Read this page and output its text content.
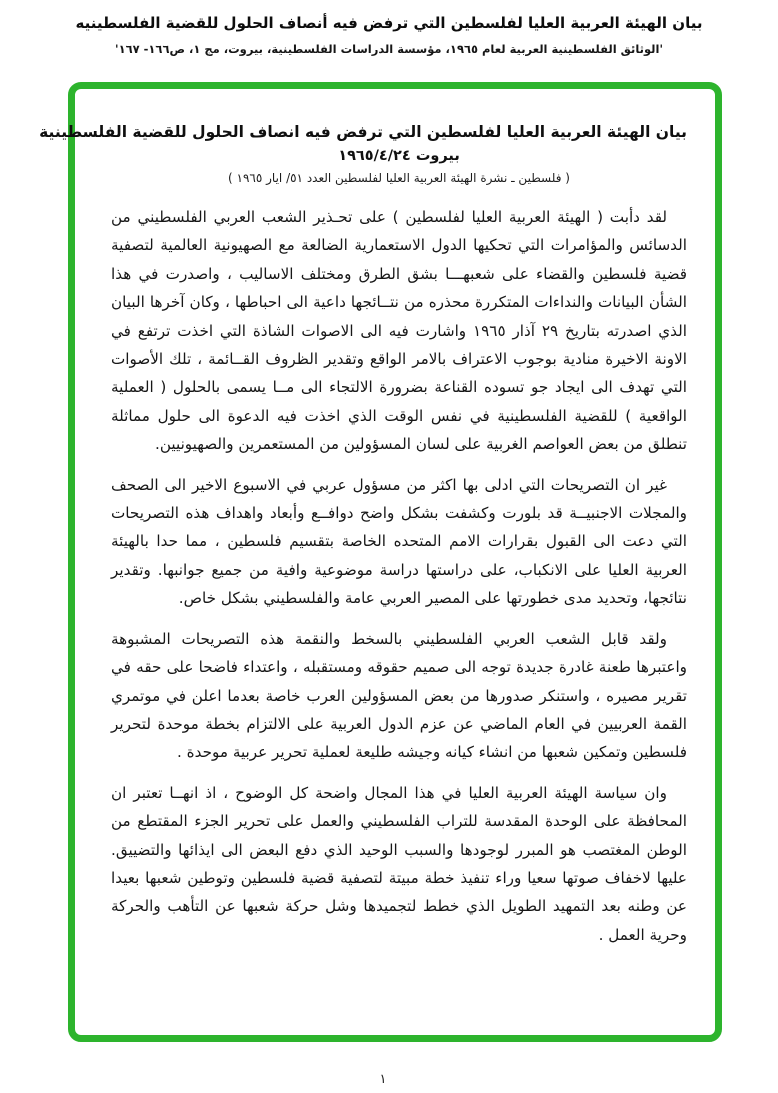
بيان الهيئة العربية العليا لفلسطين التي ترفض فيه أنصاف الحلول للقضية الفلسطينيه
'الوثائق الفلسطينية العربية لعام ١٩٦٥، مؤسسة الدراسات الفلسطينية، بيروت، مج ١، ص١٦٦- ١٦٧'
بيان الهيئة العربية العليا لفلسطين التي ترفض فيه انصاف الحلول للقضية الفلسطينية
بيروت ١٩٦٥/٤/٢٤
( فلسطين ـ نشرة الهيئة العربية العليا لفلسطين العدد ٥١/ ايار ١٩٦٥ )

لقد دأبت ( الهيئة العربية العليا لفلسطين ) على تحـذير الشعب العربي الفلسطيني من الدسائس والمؤامرات التي تحكيها الدول الاستعمارية الضالعة مع الصهيونية العالمية لتصفية قضية فلسطين والقضاء على شعبهـــا بشق الطرق ومختلف الاساليب ، واصدرت في هذا الشأن البيانات والنداءات المتكررة محذره من نتــائجها داعية الى احباطها ، وكان آخرها البيان الذي اصدرته بتاريخ ٢٩ آذار ١٩٦٥ واشارت فيه الى الاصوات الشاذة التي اخذت ترتفع في الاونة الاخيرة منادية بوجوب الاعتراف بالامر الواقع وتقدير الظروف القــائمة ، تلك الأصوات التي تهدف الى ايجاد جو تسوده القناعة بضرورة الالتجاء الى مــا يسمى بالحلول ( العملية الواقعية ) للقضية الفلسطينية في نفس الوقت الذي اخذت فيه الدعوة الى حلول مماثلة تنطلق من بعض العواصم الغربية على لسان المسؤولين من المستعمرين والصهيونيين.

غير ان التصريحات التي ادلى بها اكثر من مسؤول عربي في الاسبوع الاخير الى الصحف والمجلات الاجنبيــة قد بلورت وكشفت بشكل واضح دوافــع وأبعاد واهداف هذه التصريحات التي دعت الى القبول بقرارات الامم المتحده الخاصة بتقسيم فلسطين ، مما حدا بالهيئة العربية العليا على الانكباب، على دراستها دراسة موضوعية وافية من جميع جوانبها. وتقدير نتائجها، وتحديد مدى خطورتها على المصير العربي عامة والفلسطيني بشكل خاص.

ولقد قابل الشعب العربي الفلسطيني بالسخط والنقمة هذه التصريحات المشبوهة واعتبرها طعنة غادرة جديدة توجه الى صميم حقوقه ومستقبله ، واعتداء فاضحا على حقه في تقرير مصيره ، واستنكر صدورها من بعض المسؤولين العرب خاصة بعدما اعلن في موتمري القمة العربيين في العام الماضي عن عزم الدول العربية على الالتزام بخطة موحدة لتحرير فلسطين وتمكين شعبها من انشاء كيانه وجيشه طليعة لعملية تحرير عربية موحدة .

وان سياسة الهيئة العربية العليا في هذا المجال واضحة كل الوضوح ، اذ انهــا تعتبر ان المحافظة على الوحدة المقدسة للتراب الفلسطيني والعمل على تحرير الجزء المقتطع من الوطن المغتصب هو المبرر لوجودها والسبب الوحيد الذي دفع البعض الى ايذائها والتضييق. عليها لاخفاف صوتها سعيا وراء تنفيذ خطة مبيتة لتصفية قضية فلسطين وتوطين شعبها بعيدا عن وطنه بعد التمهيد الطويل الذي خطط لتجميدها وشل حركة شعبها عن التأهب والحركة وحرية العمل .

١
